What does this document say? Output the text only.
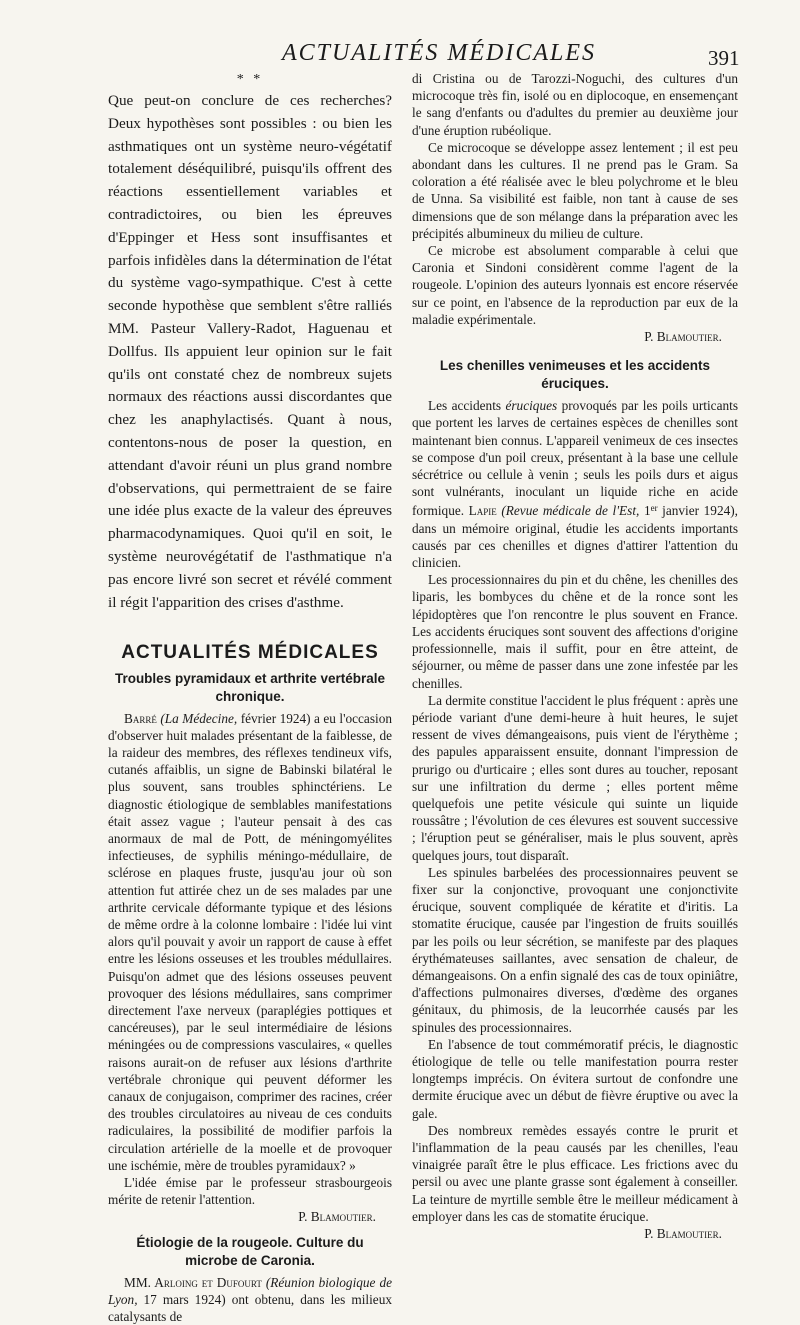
ACTUALITÉS MÉDICALES	391
* *

Que peut-on conclure de ces recherches? Deux hypothèses sont possibles : ou bien les asthmatiques ont un système neuro-végétatif totalement déséquilibré, puisqu'ils offrent des réactions essentiellement variables et contradictoires, ou bien les épreuves d'Eppinger et Hess sont insuffisantes et parfois infidèles dans la détermination de l'état du système vago-sympathique. C'est à cette seconde hypothèse que semblent s'être ralliés MM. Pasteur Vallery-Radot, Haguenau et Dollfus. Ils appuient leur opinion sur le fait qu'ils ont constaté chez de nombreux sujets normaux des réactions aussi discordantes que chez les anaphylactisés. Quant à nous, contentons-nous de poser la question, en attendant d'avoir réuni un plus grand nombre d'observations, qui permettraient de se faire une idée plus exacte de la valeur des épreuves pharmacodynamiques. Quoi qu'il en soit, le système neurovégétatif de l'asthmatique n'a pas encore livré son secret et révélé comment il régit l'apparition des crises d'asthme.

ACTUALITÉS MÉDICALES
Troubles pyramidaux et arthrite vertébrale chronique.

Barré (La Médecine, février 1924) a eu l'occasion d'observer huit malades présentant de la faiblesse, de la raideur des membres, des réflexes tendineux vifs, cutanés affaiblis, un signe de Babinski bilatéral le plus souvent, sans troubles sphinctériens. Le diagnostic étiologique de semblables manifestations était assez vague ; l'auteur pensait à des cas anormaux de mal de Pott, de méningomyélites infectieuses, de syphilis méningo-médullaire, de sclérose en plaques fruste, jusqu'au jour où son attention fut attirée chez un de ses malades par une arthrite cervicale déformante typique et des lésions de même ordre à la colonne lombaire : l'idée lui vint alors qu'il pouvait y avoir un rapport de cause à effet entre les lésions osseuses et les troubles médullaires. Puisqu'on admet que des lésions osseuses peuvent provoquer des lésions médullaires, sans comprimer directement l'axe nerveux (paraplégies pottiques et cancéreuses), par le seul intermédiaire de lésions méningées ou de compressions vasculaires, « quelles raisons aurait-on de refuser aux lésions d'arthrite vertébrale chronique qui peuvent déformer les canaux de conjugaison, comprimer des racines, créer des troubles circulatoires au niveau de ces conduits radiculaires, la possibilité de modifier parfois la circulation artérielle de la moelle et de provoquer une ischémie, mère de troubles pyramidaux? »

L'idée émise par le professeur strasbourgeois mérite de retenir l'attention.

P. Blamoutier.

Étiologie de la rougeole. Culture du microbe de Caronia.

MM. Arloing et Dufourt (Réunion biologique de Lyon, 17 mars 1924) ont obtenu, dans les milieux catalysants de

di Cristina ou de Tarozzi-Noguchi, des cultures d'un microcoque très fin, isolé ou en diplocoque, en ensemençant le sang d'enfants ou d'adultes du premier au deuxième jour d'une éruption rubéolique.

Ce microcoque se développe assez lentement ; il est peu abondant dans les cultures. Il ne prend pas le Gram. Sa coloration a été réalisée avec le bleu polychrome et le bleu de Unna. Sa visibilité est faible, non tant à cause de ses dimensions que de son mélange dans la préparation avec les précipités albumineux du milieu de culture.

Ce microbe est absolument comparable à celui que Caronia et Sindoni considèrent comme l'agent de la rougeole. L'opinion des auteurs lyonnais est encore réservée sur ce point, en l'absence de la reproduction par eux de la maladie expérimentale.

P. Blamoutier.

Les chenilles venimeuses et les accidents éruciques.

Les accidents éruciques provoqués par les poils urticants que portent les larves de certaines espèces de chenilles sont maintenant bien connus. L'appareil venimeux de ces insectes se compose d'un poil creux, présentant à la base une cellule sécrétrice ou cellule à venin ; seuls les poils durs et aigus sont vulnérants, inoculant un liquide riche en acide formique. Lapie (Revue médicale de l'Est, 1er janvier 1924), dans un mémoire original, étudie les accidents importants causés par ces chenilles et dignes d'attirer l'attention du clinicien.

Les processionnaires du pin et du chêne, les chenilles des liparis, les bombyces du chêne et de la ronce sont les lépidoptères que l'on rencontre le plus souvent en France. Les accidents éruciques sont souvent des affections d'origine professionnelle, mais il suffit, pour en être atteint, de séjourner, ou même de passer dans une zone infestée par les chenilles.

La dermite constitue l'accident le plus fréquent : après une période variant d'une demi-heure à huit heures, le sujet ressent de vives démangeaisons, puis vient de l'érythème ; des papules apparaissent ensuite, donnant l'impression de prurigo ou d'urticaire ; elles sont dures au toucher, reposant sur une infiltration du derme ; elles portent même quelquefois une petite vésicule qui suinte un liquide roussâtre ; l'évolution de ces élevures est souvent successive ; l'éruption peut se généraliser, mais le plus souvent, après quelques jours, tout disparaît.

Les spinules barbelées des processionnaires peuvent se fixer sur la conjonctive, provoquant une conjonctivite érucique, souvent compliquée de kératite et d'iritis. La stomatite érucique, causée par l'ingestion de fruits souillés par les poils ou leur sécrétion, se manifeste par des plaques érythémateuses saillantes, avec sensation de chaleur, de démangeaisons. On a enfin signalé des cas de toux opiniâtre, d'affections pulmonaires diverses, d'œdème des organes génitaux, du phimosis, de la leucorrhée causés par les spinules des processionnaires.

En l'absence de tout commémoratif précis, le diagnostic étiologique de telle ou telle manifestation pourra rester longtemps imprécis. On évitera surtout de confondre une dermite érucique avec un début de fièvre éruptive ou avec la gale.

Des nombreux remèdes essayés contre le prurit et l'inflammation de la peau causés par les chenilles, l'eau vinaigrée paraît être le plus efficace. Les frictions avec du persil ou avec une plante grasse sont également à conseiller. La teinture de myrtille semble être le meilleur médicament à employer dans les cas de stomatite érucique.

P. Blamoutier.
